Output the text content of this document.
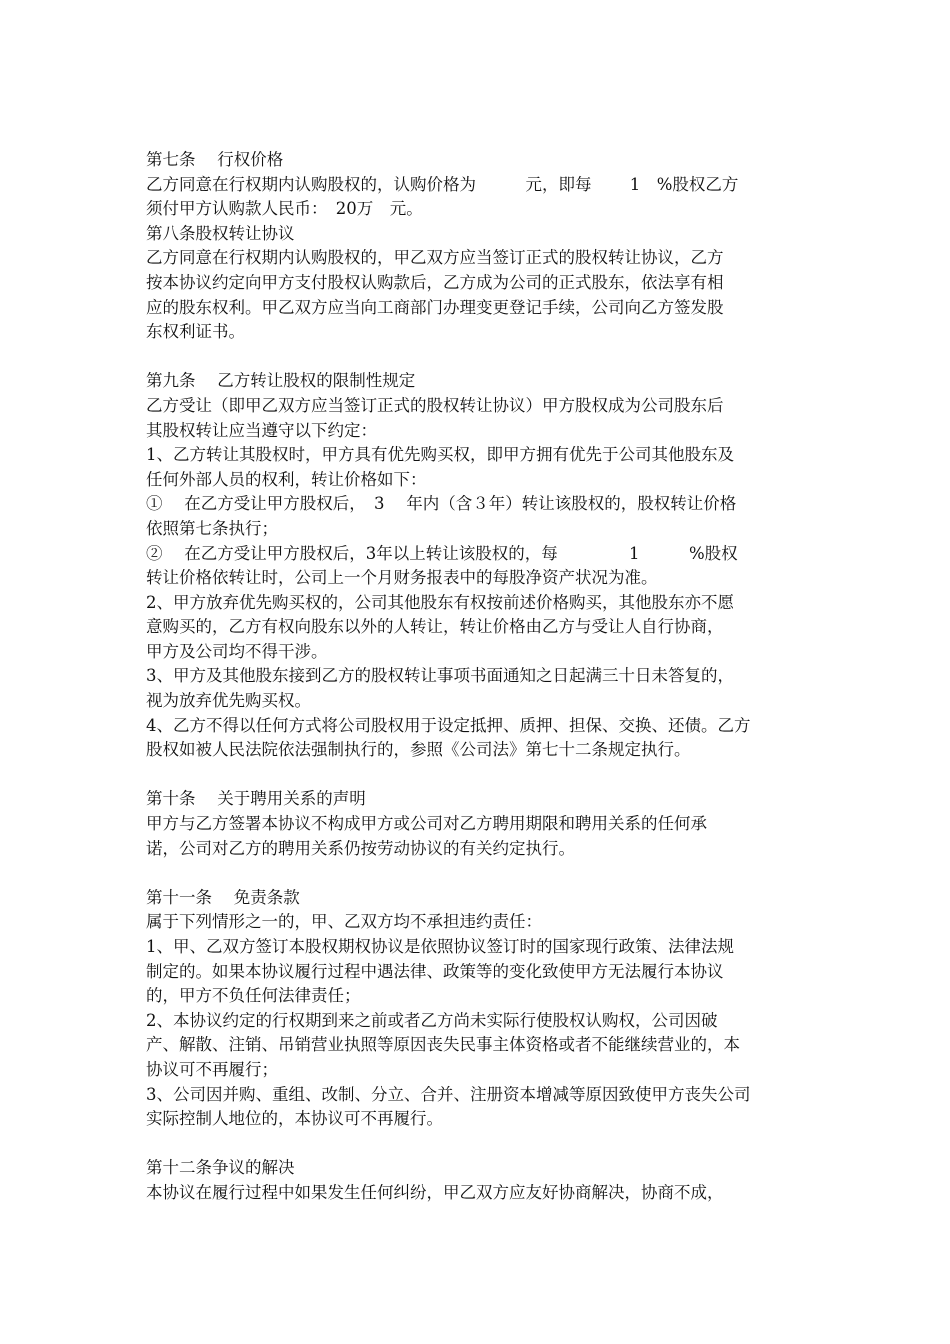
第七条　 行权价格
乙方同意在行权期内认购股权的，认购价格为　　　元，即每　　 1　%股权乙方
须付甲方认购款人民币：　20万　元。
第八条股权转让协议
乙方同意在行权期内认购股权的，甲乙双方应当签订正式的股权转让协议，乙方
按本协议约定向甲方支付股权认购款后，乙方成为公司的正式股东，依法享有相
应的股东权利。甲乙双方应当向工商部门办理变更登记手续，公司向乙方签发股
东权利证书。
第九条　 乙方转让股权的限制性规定
乙方受让（即甲乙双方应当签订正式的股权转让协议）甲方股权成为公司股东后
其股权转让应当遵守以下约定：
1、乙方转让其股权时，甲方具有优先购买权，即甲方拥有优先于公司其他股东及
任何外部人员的权利，转让价格如下：
①　 在乙方受让甲方股权后，　3　 年内（含３年）转让该股权的，股权转让价格
依照第七条执行；
②　 在乙方受让甲方股权后，3年以上转让该股权的，每　　　　 1　　　%股权
转让价格依转让时，公司上一个月财务报表中的每股净资产状况为准。
2、甲方放弃优先购买权的，公司其他股东有权按前述价格购买，其他股东亦不愿
意购买的，乙方有权向股东以外的人转让，转让价格由乙方与受让人自行协商，
甲方及公司均不得干涉。
3、甲方及其他股东接到乙方的股权转让事项书面通知之日起满三十日未答复的，
视为放弃优先购买权。
4、乙方不得以任何方式将公司股权用于设定抵押、质押、担保、交换、还债。乙方
股权如被人民法院依法强制执行的，参照《公司法》第七十二条规定执行。
第十条　 关于聘用关系的声明
甲方与乙方签署本协议不构成甲方或公司对乙方聘用期限和聘用关系的任何承
诺，公司对乙方的聘用关系仍按劳动协议的有关约定执行。
第十一条　 免责条款
属于下列情形之一的，甲、乙双方均不承担违约责任：
1、甲、乙双方签订本股权期权协议是依照协议签订时的国家现行政策、法律法规
制定的。如果本协议履行过程中遇法律、政策等的变化致使甲方无法履行本协议
的，甲方不负任何法律责任；
2、本协议约定的行权期到来之前或者乙方尚未实际行使股权认购权，公司因破
产、解散、注销、吊销营业执照等原因丧失民事主体资格或者不能继续营业的，本
协议可不再履行；
3、公司因并购、重组、改制、分立、合并、注册资本增减等原因致使甲方丧失公司
实际控制人地位的，本协议可不再履行。
第十二条争议的解决
本协议在履行过程中如果发生任何纠纷，甲乙双方应友好协商解决，协商不成，
